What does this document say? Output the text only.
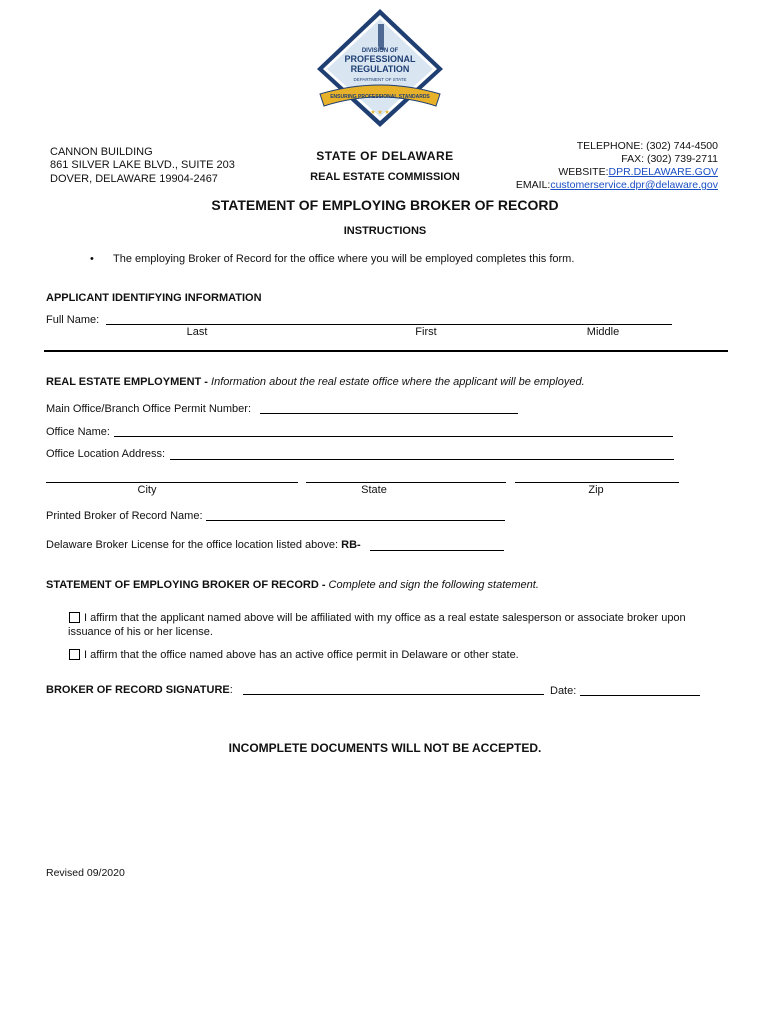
DIVISION OF
PROFESSIONAL
REGULATION
DEPARTMENT OF STATE
ENSURING PROFESSIONAL STANDARDS
★ ★ ★
CANNON BUILDING
861 SILVER LAKE BLVD., SUITE 203
DOVER, DELAWARE 19904-2467
STATE OF DELAWARE
REAL ESTATE COMMISSION
TELEPHONE: (302) 744-4500
FAX: (302) 739-2711
WEBSITE:DPR.DELAWARE.GOV
EMAIL:customerservice.dpr@delaware.gov
STATEMENT OF EMPLOYING BROKER OF RECORD
INSTRUCTIONS
• The employing Broker of Record for the office where you will be employed completes this form.
APPLICANT IDENTIFYING INFORMATION
Full Name:
Last	First	Middle
REAL ESTATE EMPLOYMENT - Information about the real estate office where the applicant will be employed.
Main Office/Branch Office Permit Number:
Office Name:
Office Location Address:
City	State	Zip
Printed Broker of Record Name:
Delaware Broker License for the office location listed above: RB-
STATEMENT OF EMPLOYING BROKER OF RECORD - Complete and sign the following statement.
I affirm that the applicant named above will be affiliated with my office as a real estate salesperson or associate broker upon
issuance of his or her license.
I affirm that the office named above has an active office permit in Delaware or other state.
BROKER OF RECORD SIGNATURE:	Date:
INCOMPLETE DOCUMENTS WILL NOT BE ACCEPTED.
Revised 09/2020
